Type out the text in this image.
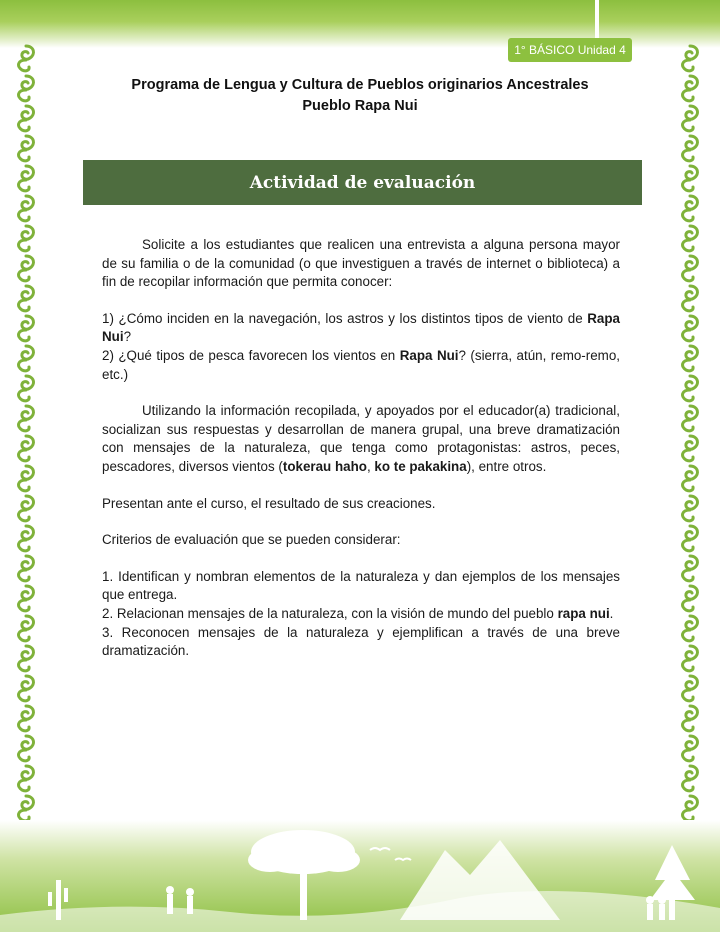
1° BÁSICO Unidad 4
Programa de Lengua y Cultura de Pueblos originarios Ancestrales
Pueblo Rapa Nui
Actividad de evaluación

Solicite a los estudiantes que realicen una entrevista a alguna persona mayor de su familia o de la comunidad (o que investiguen a través de internet o biblioteca) a fin de recopilar información que permita conocer:

1) ¿Cómo inciden en la navegación, los astros y los distintos tipos de viento de Rapa Nui?

2) ¿Qué tipos de pesca favorecen los vientos en Rapa Nui? (sierra, atún, remo-remo, etc.)

Utilizando la información recopilada, y apoyados por el educador(a) tradicional, socializan sus respuestas y desarrollan de manera grupal, una breve dramatización con mensajes de la naturaleza, que tenga como protagonistas: astros, peces, pescadores, diversos vientos (tokerau haho, ko te pakakina), entre otros.

Presentan ante el curso, el resultado de sus creaciones.

Criterios de evaluación que se pueden considerar:

1. Identifican y nombran elementos de la naturaleza y dan ejemplos de los mensajes que entrega.

2. Relacionan mensajes de la naturaleza, con la visión de mundo del pueblo rapa nui.

3. Reconocen mensajes de la naturaleza y ejemplifican a través de una breve dramatización.
